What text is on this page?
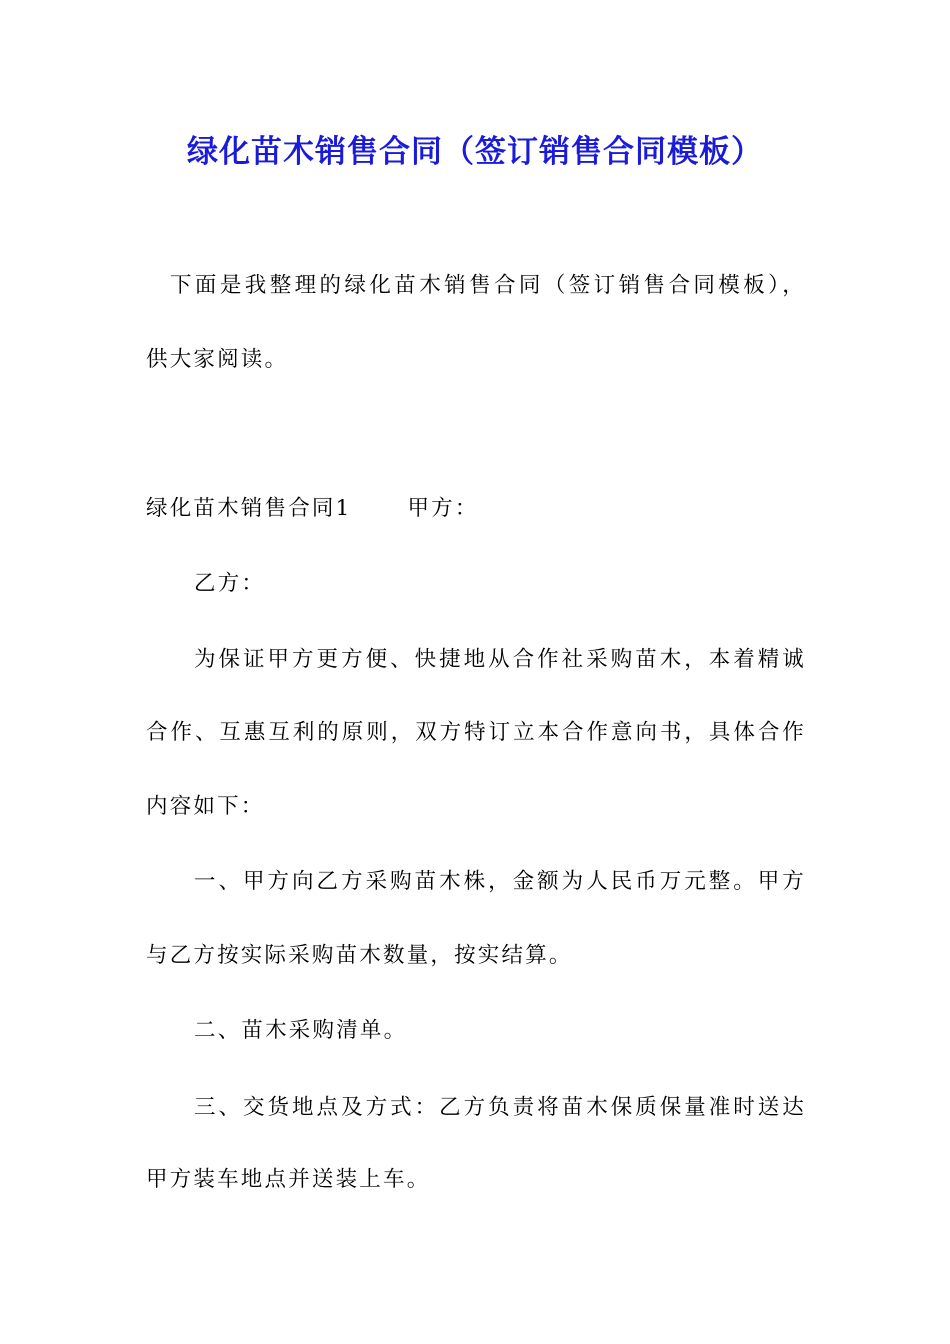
绿化苗木销售合同（签订销售合同模板）

下面是我整理的绿化苗木销售合同（签订销售合同模板），

供大家阅读。

绿化苗木销售合同1	甲方：

乙方：

为保证甲方更方便、快捷地从合作社采购苗木，本着精诚

合作、互惠互利的原则，双方特订立本合作意向书，具体合作

内容如下：

一、甲方向乙方采购苗木株，金额为人民币万元整。甲方

与乙方按实际采购苗木数量，按实结算。

二、苗木采购清单。

三、交货地点及方式：乙方负责将苗木保质保量准时送达

甲方装车地点并送装上车。
